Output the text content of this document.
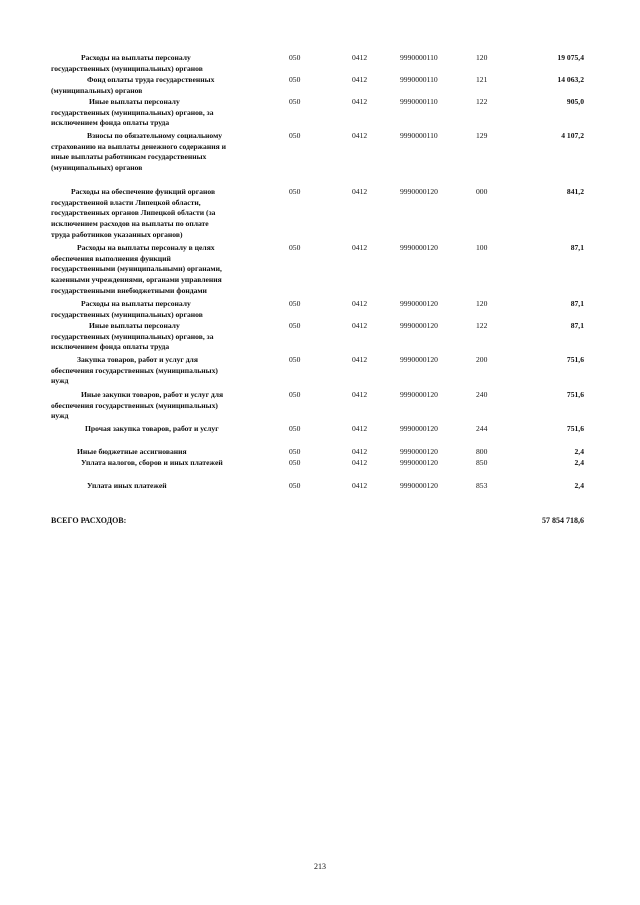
Расходы на выплаты персоналу
государственных (муниципальных) органов
050	0412	9990000110	120	19 075,4
Фонд оплаты труда государственных
(муниципальных) органов
050	0412	9990000110	121	14 063,2
Иные выплаты персоналу
государственных (муниципальных) органов, за
исключением фонда оплаты труда
050	0412	9990000110	122	905,0
Взносы по обязательному социальному
страхованию на выплаты денежного содержания и
иные выплаты работникам государственных
(муниципальных) органов
050	0412	9990000110	129	4 107,2
Расходы на обеспечение функций органов
государственной власти Липецкой области,
государственных органов Липецкой области (за
исключением расходов на выплаты по оплате
труда работников указанных органов)
050	0412	9990000120	000	841,2
Расходы на выплаты персоналу в целях
обеспечения выполнения функций
государственными (муниципальными) органами,
казенными учреждениями, органами управления
государственными внебюджетными фондами
050	0412	9990000120	100	87,1
Расходы на выплаты персоналу
государственных (муниципальных) органов
050	0412	9990000120	120	87,1
Иные выплаты персоналу
государственных (муниципальных) органов, за
исключением фонда оплаты труда
050	0412	9990000120	122	87,1
Закупка товаров, работ и услуг для
обеспечения государственных (муниципальных)
нужд
050	0412	9990000120	200	751,6
Иные закупки товаров, работ и услуг для
обеспечения государственных (муниципальных)
нужд
050	0412	9990000120	240	751,6
Прочая закупка товаров, работ и услуг	050	0412	9990000120	244	751,6
Иные бюджетные ассигнования	050	0412	9990000120	800	2,4
Уплата налогов, сборов и иных платежей	050	0412	9990000120	850	2,4
Уплата иных платежей	050	0412	9990000120	853	2,4
ВСЕГО РАСХОДОВ:	57 854 718,6
213
